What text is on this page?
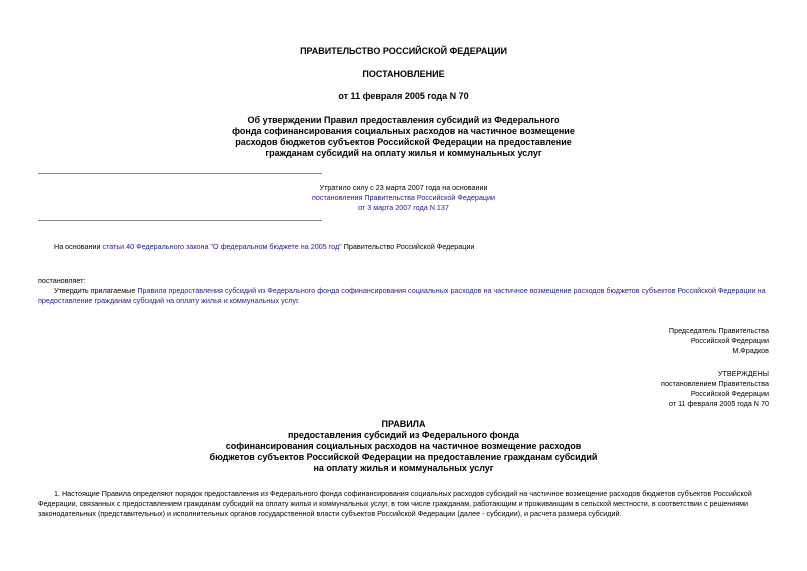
ПРАВИТЕЛЬСТВО РОССИЙСКОЙ ФЕДЕРАЦИИ
ПОСТАНОВЛЕНИЕ
от 11 февраля 2005 года N 70
Об утверждении Правил предоставления субсидий из Федерального
фонда софинансирования социальных расходов на частичное возмещение
расходов бюджетов субъектов Российской Федерации на предоставление
гражданам субсидий на оплату жилья и коммунальных услуг
Утратило силу с 23 марта 2007 года на основании
постановления Правительства Российской Федерации
от 3 марта 2007 года N 137
На основании статьи 40 Федерального закона "О федеральном бюджете на 2005 год" Правительство Российской Федерации
постановляет:
Утвердить прилагаемые Правила предоставления субсидий из Федерального фонда софинансирования социальных расходов на частичное возмещение расходов бюджетов субъектов Российской Федерации на
предоставление гражданам субсидий на оплату жилья и коммунальных услуг.
Председатель Правительства
Российской Федерации
М.Фрадков
УТВЕРЖДЕНЫ
постановлением Правительства
Российской Федерации
от 11 февраля 2005 года N 70
ПРАВИЛА
предоставления субсидий из Федерального фонда
софинансирования социальных расходов на частичное возмещение расходов
бюджетов субъектов Российской Федерации на предоставление гражданам субсидий
на оплату жилья и коммунальных услуг
1. Настоящие Правила определяют порядок предоставления из Федерального фонда софинансирования социальных расходов субсидий на частичное возмещение расходов бюджетов субъектов Российской
Федерации, связанных с предоставлением гражданам субсидий на оплату жилья и коммунальных услуг, в том числе гражданам, работающим и проживающим в сельской местности, в соответствии с решениями
законодательных (представительных) и исполнительных органов государственной власти субъектов Российской Федерации (далее - субсидии), и расчета размера субсидий.
